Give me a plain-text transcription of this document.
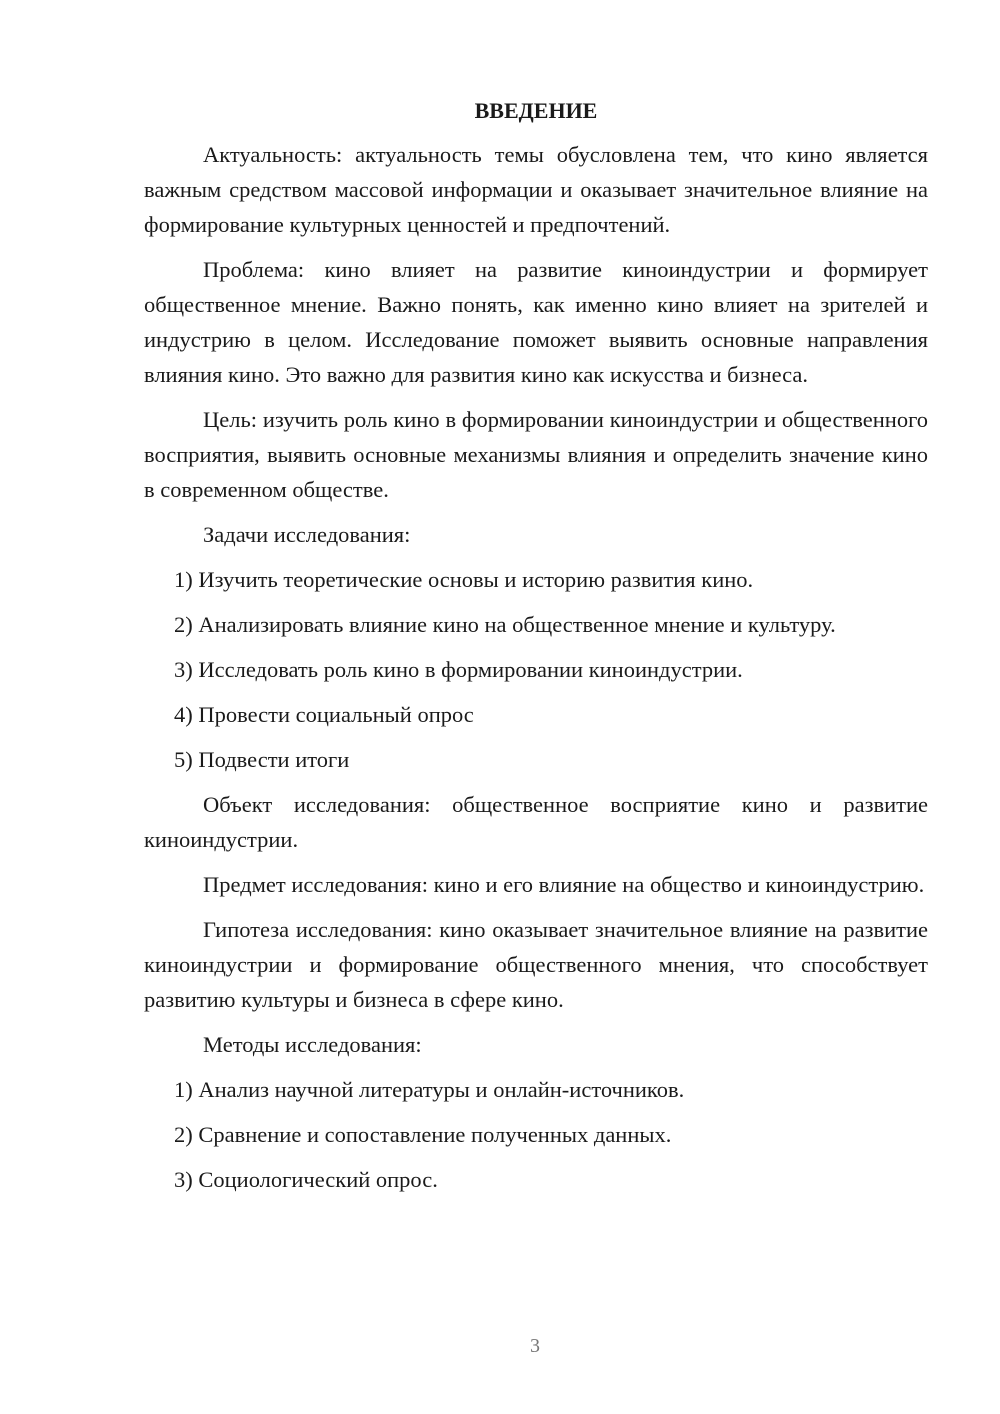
ВВЕДЕНИЕ

Актуальность: актуальность темы обусловлена тем, что кино является важным средством массовой информации и оказывает значительное влияние на формирование культурных ценностей и предпочтений.

Проблема: кино влияет на развитие киноиндустрии и формирует общественное мнение. Важно понять, как именно кино влияет на зрителей и индустрию в целом. Исследование поможет выявить основные направления влияния кино. Это важно для развития кино как искусства и бизнеса.

Цель: изучить роль кино в формировании киноиндустрии и общественного восприятия, выявить основные механизмы влияния и определить значение кино в современном обществе.

Задачи исследования:

1) Изучить теоретические основы и историю развития кино.

2) Анализировать влияние кино на общественное мнение и культуру.

3) Исследовать роль кино в формировании киноиндустрии.

4) Провести социальный опрос

5) Подвести итоги

Объект исследования: общественное восприятие кино и развитие киноиндустрии.

Предмет исследования: кино и его влияние на общество и киноиндустрию.

Гипотеза исследования: кино оказывает значительное влияние на развитие киноиндустрии и формирование общественного мнения, что способствует развитию культуры и бизнеса в сфере кино.

Методы исследования:

1) Анализ научной литературы и онлайн-источников.

2) Сравнение и сопоставление полученных данных.

3) Социологический опрос.

3
